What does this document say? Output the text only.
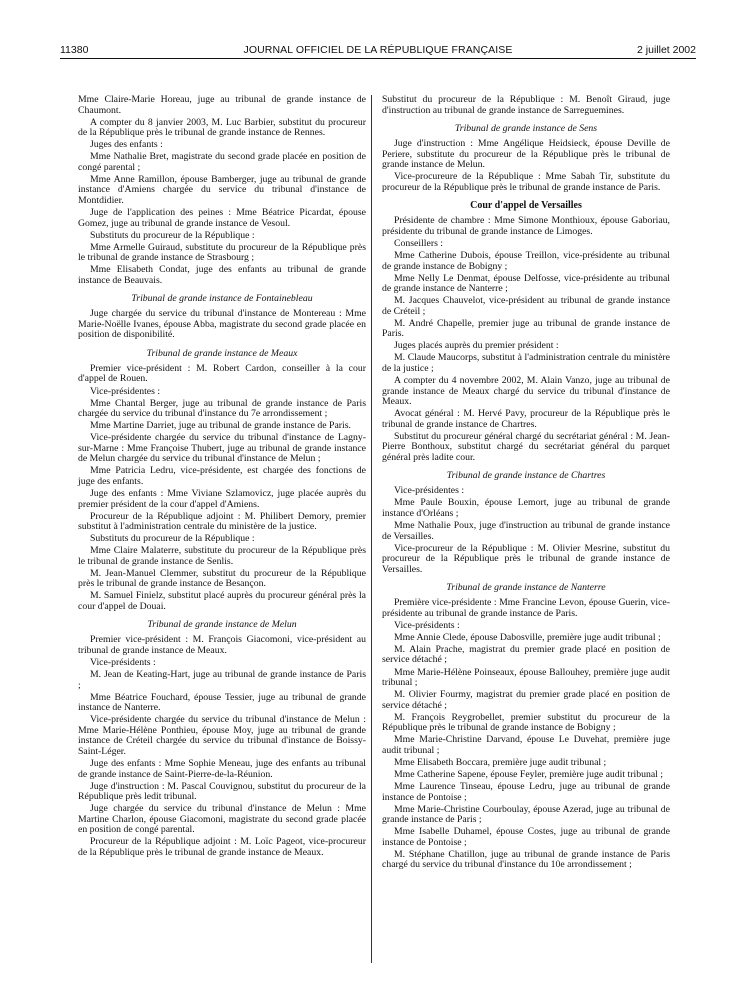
11380	JOURNAL OFFICIEL DE LA RÉPUBLIQUE FRANÇAISE	2 juillet 2002

Mme Claire-Marie Horeau, juge au tribunal de grande instance de Chaumont.

A compter du 8 janvier 2003, M. Luc Barbier, substitut du procureur de la République près le tribunal de grande instance de Rennes.

Juges des enfants :

Mme Nathalie Bret, magistrate du second grade placée en position de congé parental ;

Mme Anne Ramillon, épouse Bamberger, juge au tribunal de grande instance d'Amiens chargée du service du tribunal d'instance de Montdidier.

Juge de l'application des peines : Mme Béatrice Picardat, épouse Gomez, juge au tribunal de grande instance de Vesoul.

Substituts du procureur de la République :

Mme Armelle Guiraud, substitute du procureur de la République près le tribunal de grande instance de Strasbourg ;

Mme Elisabeth Condat, juge des enfants au tribunal de grande instance de Beauvais.

Tribunal de grande instance de Fontainebleau

Juge chargée du service du tribunal d'instance de Montereau : Mme Marie-Noëlle Ivanes, épouse Abba, magistrate du second grade placée en position de disponibilité.

Tribunal de grande instance de Meaux

Premier vice-président : M. Robert Cardon, conseiller à la cour d'appel de Rouen.

Vice-présidentes :

Mme Chantal Berger, juge au tribunal de grande instance de Paris chargée du service du tribunal d'instance du 7e arrondissement ;

Mme Martine Darriet, juge au tribunal de grande instance de Paris.

Vice-présidente chargée du service du tribunal d'instance de Lagny-sur-Marne : Mme Françoise Thubert, juge au tribunal de grande instance de Melun chargée du service du tribunal d'instance de Melun ;

Mme Patricia Ledru, vice-présidente, est chargée des fonctions de juge des enfants.

Juge des enfants : Mme Viviane Szlamovicz, juge placée auprès du premier président de la cour d'appel d'Amiens.

Procureur de la République adjoint : M. Philibert Demory, premier substitut à l'administration centrale du ministère de la justice.

Substituts du procureur de la République :

Mme Claire Malaterre, substitute du procureur de la République près le tribunal de grande instance de Senlis.

M. Jean-Manuel Clemmer, substitut du procureur de la République près le tribunal de grande instance de Besançon.

M. Samuel Finielz, substitut placé auprès du procureur général près la cour d'appel de Douai.

Tribunal de grande instance de Melun

Premier vice-président : M. François Giacomoni, vice-président au tribunal de grande instance de Meaux.

Vice-présidents :

M. Jean de Keating-Hart, juge au tribunal de grande instance de Paris ;

Mme Béatrice Fouchard, épouse Tessier, juge au tribunal de grande instance de Nanterre.

Vice-présidente chargée du service du tribunal d'instance de Melun : Mme Marie-Hélène Ponthieu, épouse Moy, juge au tribunal de grande instance de Créteil chargée du service du tribunal d'instance de Boissy-Saint-Léger.

Juge des enfants : Mme Sophie Meneau, juge des enfants au tribunal de grande instance de Saint-Pierre-de-la-Réunion.

Juge d'instruction : M. Pascal Couvignou, substitut du procureur de la République près ledit tribunal.

Juge chargée du service du tribunal d'instance de Melun : Mme Martine Charlon, épouse Giacomoni, magistrate du second grade placée en position de congé parental.

Procureur de la République adjoint : M. Loïc Pageot, vice-procureur de la République près le tribunal de grande instance de Meaux.

Substitut du procureur de la République : M. Benoît Giraud, juge d'instruction au tribunal de grande instance de Sarreguemines.

Tribunal de grande instance de Sens

Juge d'instruction : Mme Angélique Heidsieck, épouse Deville de Periere, substitute du procureur de la République près le tribunal de grande instance de Melun.

Vice-procureure de la République : Mme Sabah Tir, substitute du procureur de la République près le tribunal de grande instance de Paris.

Cour d'appel de Versailles

Présidente de chambre : Mme Simone Monthioux, épouse Gaboriau, présidente du tribunal de grande instance de Limoges.

Conseillers :

Mme Catherine Dubois, épouse Treillon, vice-présidente au tribunal de grande instance de Bobigny ;

Mme Nelly Le Denmat, épouse Delfosse, vice-présidente au tribunal de grande instance de Nanterre ;

M. Jacques Chauvelot, vice-président au tribunal de grande instance de Créteil ;

M. André Chapelle, premier juge au tribunal de grande instance de Paris.

Juges placés auprès du premier président :

M. Claude Maucorps, substitut à l'administration centrale du ministère de la justice ;

A compter du 4 novembre 2002, M. Alain Vanzo, juge au tribunal de grande instance de Meaux chargé du service du tribunal d'instance de Meaux.

Avocat général : M. Hervé Pavy, procureur de la République près le tribunal de grande instance de Chartres.

Substitut du procureur général chargé du secrétariat général : M. Jean-Pierre Bonthoux, substitut chargé du secrétariat général du parquet général près ladite cour.

Tribunal de grande instance de Chartres

Vice-présidentes :

Mme Paule Bouxin, épouse Lemort, juge au tribunal de grande instance d'Orléans ;

Mme Nathalie Poux, juge d'instruction au tribunal de grande instance de Versailles.

Vice-procureur de la République : M. Olivier Mesrine, substitut du procureur de la République près le tribunal de grande instance de Versailles.

Tribunal de grande instance de Nanterre

Première vice-présidente : Mme Francine Levon, épouse Guerin, vice-présidente au tribunal de grande instance de Paris.

Vice-présidents :

Mme Annie Clede, épouse Dabosville, première juge audit tribunal ;

M. Alain Prache, magistrat du premier grade placé en position de service détaché ;

Mme Marie-Hélène Poinseaux, épouse Ballouhey, première juge audit tribunal ;

M. Olivier Fourmy, magistrat du premier grade placé en position de service détaché ;

M. François Reygrobellet, premier substitut du procureur de la République près le tribunal de grande instance de Bobigny ;

Mme Marie-Christine Darvand, épouse Le Duvehat, première juge audit tribunal ;

Mme Elisabeth Boccara, première juge audit tribunal ;

Mme Catherine Sapene, épouse Feyler, première juge audit tribunal ;

Mme Laurence Tinseau, épouse Ledru, juge au tribunal de grande instance de Pontoise ;

Mme Marie-Christine Courboulay, épouse Azerad, juge au tribunal de grande instance de Paris ;

Mme Isabelle Duhamel, épouse Costes, juge au tribunal de grande instance de Pontoise ;

M. Stéphane Chatillon, juge au tribunal de grande instance de Paris chargé du service du tribunal d'instance du 10e arrondissement ;
